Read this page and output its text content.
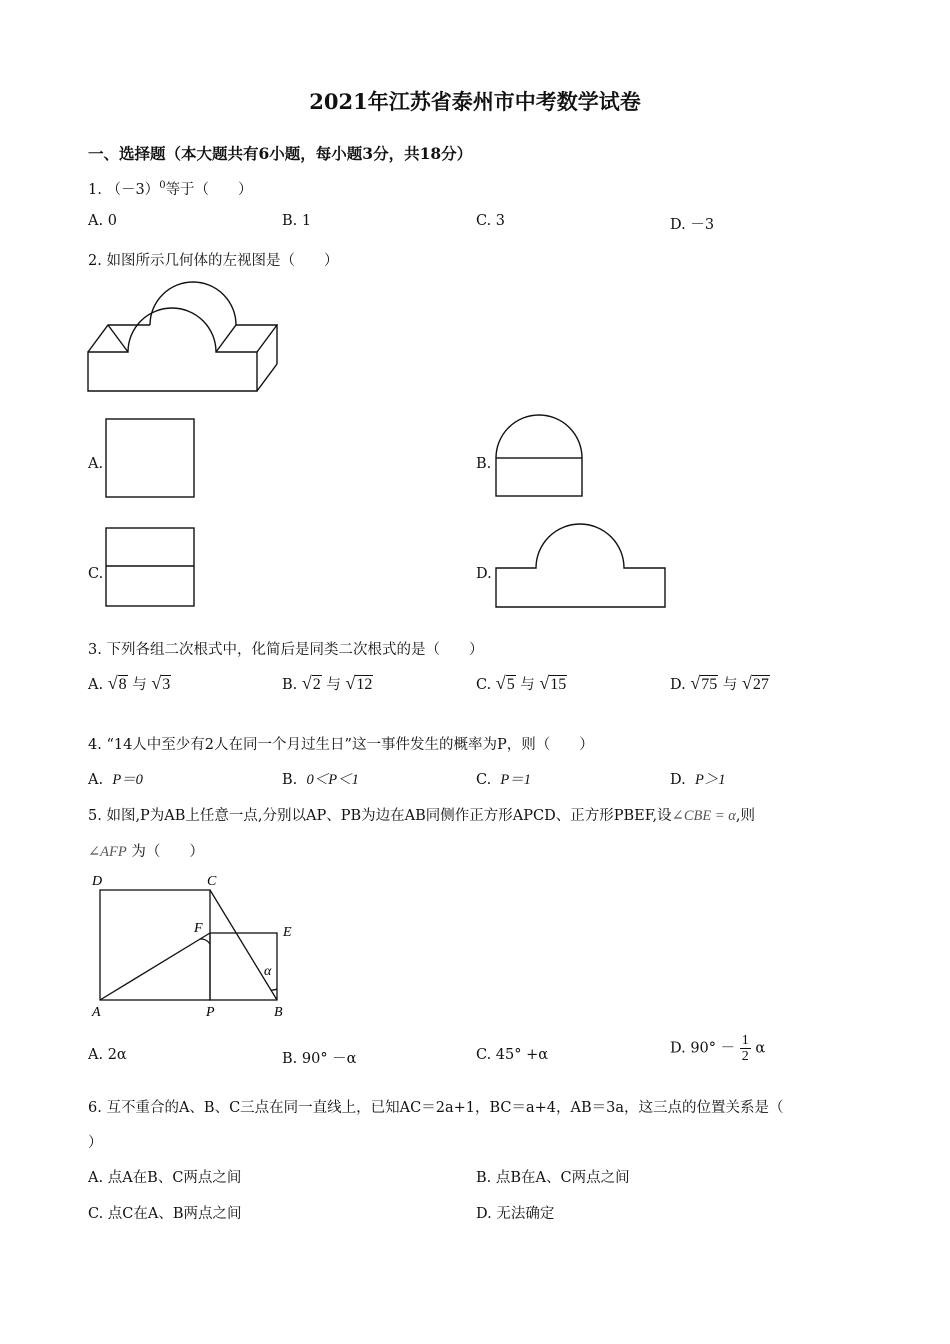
2021年江苏省泰州市中考数学试卷
一、选择题（本大题共有6小题，每小题3分，共18分）
1. $(-3)^0$等于（　　）
A. 0	B. 1	C. 3	D. －3
2. 如图所示几何体的左视图是（　　）
A.	B.
C.	D.
3. 下列各组二次根式中，化简后是同类二次根式的是（　　）
A. √8 与 √3	B. √2 与 √12	C. √5 与 √15	D. √75 与 √27
4. “14人中至少有2人在同一个月过生日”这一事件发生的概率为P，则（　　）
A. P＝0	B. 0＜P＜1	C. P＝1	D. P＞1
5. 如图,P为AB上任意一点,分别以AP、PB为边在AB同侧作正方形APCD、正方形PBEF,设∠CBE = α,则
∠AFP 为（　　）
D	C
F	E
α
A	P	B
A. 2α	B. 90° －α	C. 45° +α	D. $90^\circ - \frac{1}{2}$ α
6. 互不重合的A、B、C三点在同一直线上，已知AC＝2a+1，BC＝a+4，AB＝3a，这三点的位置关系是（
）
A. 点A在B、C两点之间	B. 点B在A、C两点之间
C. 点C在A、B两点之间	D. 无法确定
